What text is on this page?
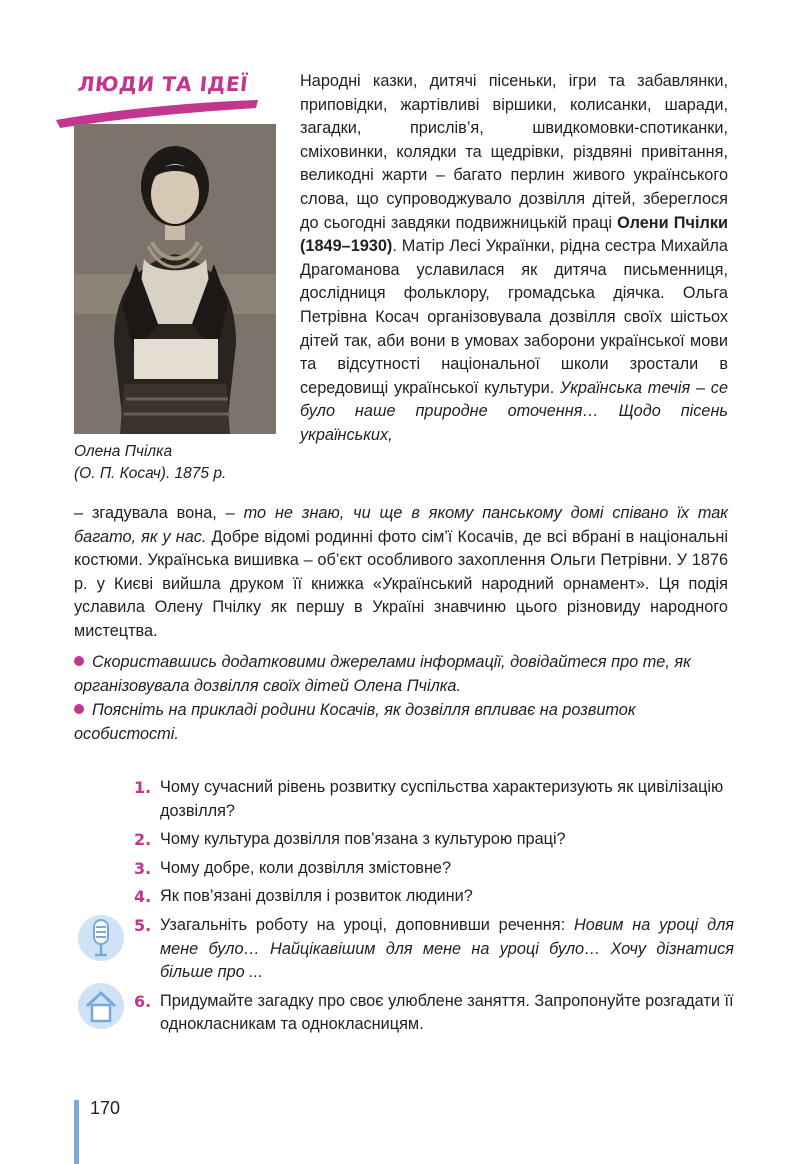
ЛЮДИ ТА ІДЕЇ
Олена Пчілка
(О. П. Косач). 1875 р.

Народні казки, дитячі пісеньки, ігри та забавлянки, приповідки, жартівливі віршики, колисанки, шаради, загадки, прислів’я, швидкомовки-спотиканки, сміховинки, колядки та щедрівки, різдвяні привітання, великодні жарти – багато перлин живого українського слова, що супроводжувало дозвілля дітей, збереглося до сьогодні завдяки подвижницькій праці Олени Пчілки (1849–1930). Матір Лесі Українки, рідна сестра Михайла Драгоманова уславилася як дитяча письменниця, дослідниця фольклору, громадська діячка. Ольга Петрівна Косач організовувала дозвілля своїх шістьох дітей так, аби вони в умовах заборони української мови та відсутності національної школи зростали в середовищі української культури. Українська течія – се було наше природне оточення… Щодо пісень українських,

– згадувала вона, – то не знаю, чи ще в якому панському домі співано їх так багато, як у нас. Добре відомі родинні фото сім’ї Косачів, де всі вбрані в національні костюми. Українська вишивка – об’єкт особливого захоплення Ольги Петрівни. У 1876 р. у Києві вийшла друком її книжка «Український народний орнамент». Ця подія уславила Олену Пчілку як першу в Україні знавчиню цього різновиду народного мистецтва.

Скориставшись додатковими джерелами інформації, довідайтеся про те, як організовувала дозвілля своїх дітей Олена Пчілка.
Поясніть на прикладі родини Косачів, як дозвілля впливає на розвиток особистості.
1. Чому сучасний рівень розвитку суспільства характеризують як цивілізацію дозвілля?
2. Чому культура дозвілля пов’язана з культурою праці?
3. Чому добре, коли дозвілля змістовне?
4. Як пов’язані дозвілля і розвиток людини?
5. Узагальніть роботу на уроці, доповнивши речення: Новим на уроці для мене було… Найцікавішим для мене на уроці було… Хочу дізнатися більше про ...
6. Придумайте загадку про своє улюблене заняття. Запропонуйте розгадати її однокласникам та однокласницям.
170
